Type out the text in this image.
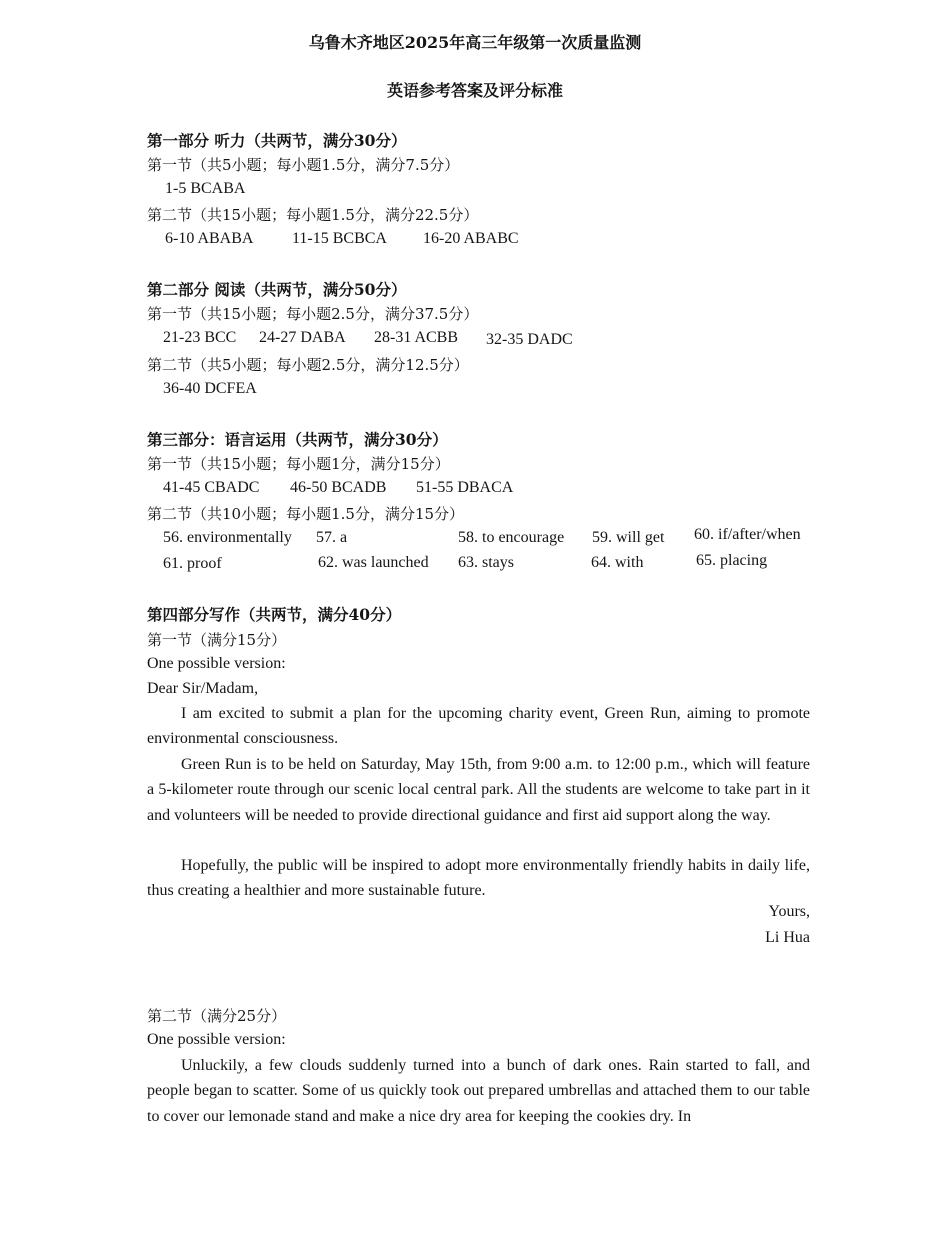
乌鲁木齐地区2025年高三年级第一次质量监测
英语参考答案及评分标准
第一部分 听力（共两节，满分30分）
第一节（共5小题；每小题1.5分，满分7.5分）
1-5 BCABA
第二节（共15小题；每小题1.5分，满分22.5分）
6-10 ABABA 11-15 BCBCA 16-20 ABABC
第二部分 阅读（共两节，满分50分）
第一节（共15小题；每小题2.5分，满分37.5分）
21-23 BCC 24-27 DABA 28-31 ACBB 32-35 DADC
第二节（共5小题；每小题2.5分，满分12.5分）
36-40 DCFEA
第三部分：语言运用（共两节，满分30分）
第一节（共15小题；每小题1分，满分15分）
41-45 CBADC 46-50 BCADB 51-55 DBACA
第二节（共10小题；每小题1.5分，满分15分）
56. environmentally 57. a	58. to encourage 59. will get 60. if/after/when
61. proof	62. was launched 63. stays	64. with	65. placing
第四部分写作（共两节，满分40分）
第一节（满分15分）
One possible version:
Dear Sir/Madam,
I am excited to submit a plan for the upcoming charity event, Green Run, aiming to promote environmental consciousness.
Green Run is to be held on Saturday, May 15th, from 9:00 a.m. to 12:00 p.m., which will feature a 5-kilometer route through our scenic local central park. All the students are welcome to take part in it and volunteers will be needed to provide directional guidance and first aid support along the way.
Hopefully, the public will be inspired to adopt more environmentally friendly habits in daily life, thus creating a healthier and more sustainable future.
Yours,
Li Hua
第二节（满分25分）
One possible version:
Unluckily, a few clouds suddenly turned into a bunch of dark ones. Rain started to fall, and people began to scatter. Some of us quickly took out prepared umbrellas and attached them to our table to cover our lemonade stand and make a nice dry area for keeping the cookies dry. In
